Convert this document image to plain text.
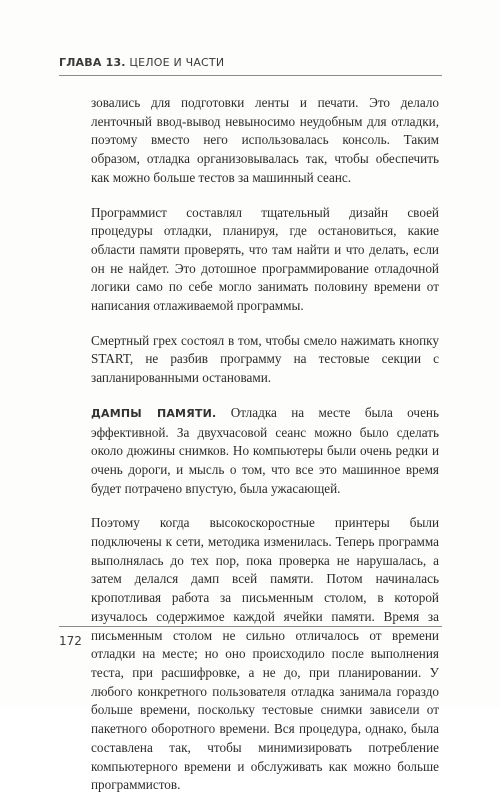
ГЛАВА 13. ЦЕЛОЕ И ЧАСТИ

зовались для подготовки ленты и печати. Это делало ленточный ввод-вывод невыносимо неудобным для отладки, поэтому вместо него использовалась консоль. Таким образом, отладка организовывалась так, чтобы обеспечить как можно больше тестов за машинный сеанс.

Программист составлял тщательный дизайн своей процедуры отладки, планируя, где остановиться, какие области памяти проверять, что там найти и что делать, если он не найдет. Это дотошное программирование отладочной логики само по себе могло занимать половину времени от написания отлаживаемой программы.

Смертный грех состоял в том, чтобы смело нажимать кнопку START, не разбив программу на тестовые секции с запланированными остановами.

ДАМПЫ ПАМЯТИ. Отладка на месте была очень эффективной. За двухчасовой сеанс можно было сделать около дюжины снимков. Но компьютеры были очень редки и очень дороги, и мысль о том, что все это машинное время будет потрачено впустую, была ужасающей.

Поэтому когда высокоскоростные принтеры были подключены к сети, методика изменилась. Теперь программа выполнялась до тех пор, пока проверка не нарушалась, а затем делался дамп всей памяти. Потом начиналась кропотливая работа за письменным столом, в которой изучалось содержимое каждой ячейки памяти. Время за письменным столом не сильно отличалось от времени отладки на месте; но оно происходило после выполнения теста, при расшифровке, а не до, при планировании. У любого конкретного пользователя отладка занимала гораздо больше времени, поскольку тестовые снимки зависели от пакетного оборотного времени. Вся процедура, однако, была составлена так, чтобы минимизировать потребление компьютерного времени и обслуживать как можно больше программистов.

172
